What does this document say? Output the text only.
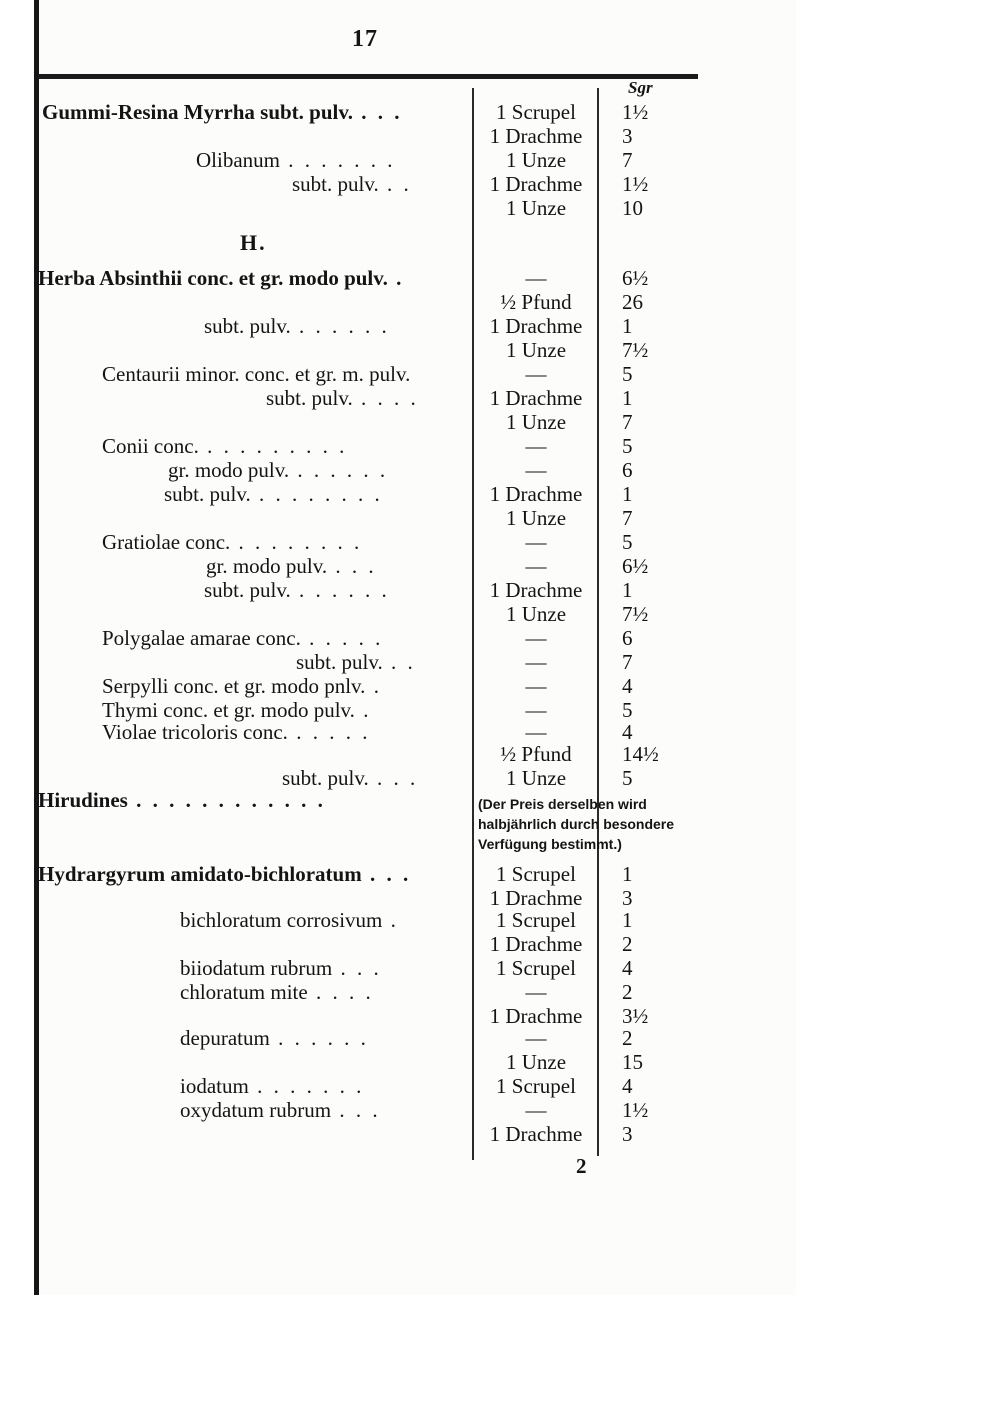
17
Sgr
H.
Gummi-Resina Myrrha subt. pulv. . . .	1 Scrupel	1½
1 Drachme	3
Olibanum . . . . . . .	1 Unze	7
subt. pulv. . .	1 Drachme	1½
1 Unze	10
Herba Absinthii conc. et gr. modo pulv. .	—	6½
½ Pfund	26
subt. pulv. . . . . . .	1 Drachme	1
1 Unze	7½
Centaurii minor. conc. et gr. m. pulv.	—	5
subt. pulv. . . . .	1 Drachme	1
1 Unze	7
Conii conc. . . . . . . . . .	—	5
gr. modo pulv. . . . . . .	—	6
subt. pulv. . . . . . . . .	1 Drachme	1
1 Unze	7
Gratiolae conc. . . . . . . . .	—	5
gr. modo pulv. . . .	—	6½
subt. pulv. . . . . . .	1 Drachme	1
1 Unze	7½
Polygalae amarae conc. . . . . .	—	6
subt. pulv. . .	—	7
Serpylli conc. et gr. modo pnlv. .	—	4
Thymi conc. et gr. modo pulv. .	—	5
Violae tricoloris conc. . . . . .	—	4
½ Pfund	14½
subt. pulv. . . .	1 Unze	5
Hirudines . . . . . . . . . . . .
Hydrargyrum amidato-bichloratum . . .	1 Scrupel	1
1 Drachme	3
bichloratum corrosivum .	1 Scrupel	1
1 Drachme	2
biiodatum rubrum . . .	1 Scrupel	4
chloratum mite . . . .	—	2
1 Drachme	3½
depuratum . . . . . .	—	2
1 Unze	15
iodatum . . . . . . .	1 Scrupel	4
oxydatum rubrum . . .	—	1½
1 Drachme	3
(Der Preis derselben wird halbjährlich durch besondere Verfügung bestimmt.)
2
